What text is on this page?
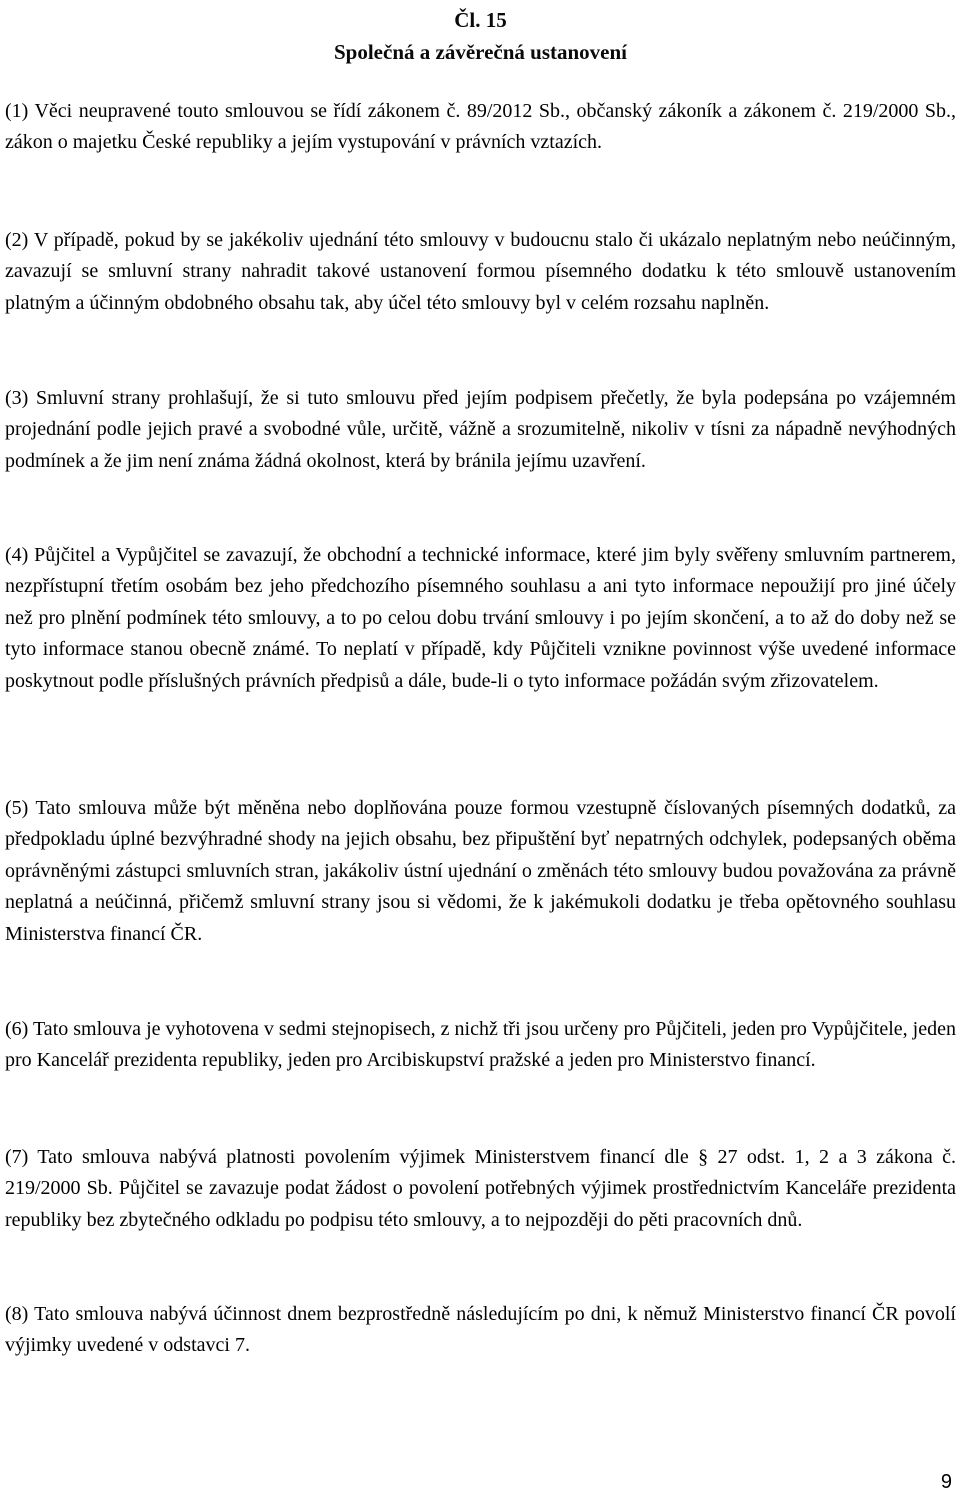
Čl. 15
Společná a závěrečná ustanovení

(1) Věci neupravené touto smlouvou se řídí zákonem č. 89/2012 Sb., občanský zákoník a zákonem č. 219/2000 Sb., zákon o majetku České republiky a jejím vystupování v právních vztazích.

(2) V případě, pokud by se jakékoliv ujednání této smlouvy v budoucnu stalo či ukázalo neplatným nebo neúčinným, zavazují se smluvní strany nahradit takové ustanovení formou písemného dodatku k této smlouvě ustanovením platným a účinným obdobného obsahu tak, aby účel této smlouvy byl v celém rozsahu naplněn.

(3) Smluvní strany prohlašují, že si tuto smlouvu před jejím podpisem přečetly, že byla podepsána po vzájemném projednání podle jejich pravé a svobodné vůle, určitě, vážně a srozumitelně, nikoliv v tísni za nápadně nevýhodných podmínek a že jim není známa žádná okolnost, která by bránila jejímu uzavření.

(4) Půjčitel a Vypůjčitel se zavazují, že obchodní a technické informace, které jim byly svěřeny smluvním partnerem, nezpřístupní třetím osobám bez jeho předchozího písemného souhlasu a ani tyto informace nepoužijí pro jiné účely než pro plnění podmínek této smlouvy, a to po celou dobu trvání smlouvy i po jejím skončení, a to až do doby než se tyto informace stanou obecně známé. To neplatí v případě, kdy Půjčiteli vznikne povinnost výše uvedené informace poskytnout podle příslušných právních předpisů a dále, bude-li o tyto informace požádán svým zřizovatelem.

(5) Tato smlouva může být měněna nebo doplňována pouze formou vzestupně číslovaných písemných dodatků, za předpokladu úplné bezvýhradné shody na jejich obsahu, bez připuštění byť nepatrných odchylek, podepsaných oběma oprávněnými zástupci smluvních stran, jakákoliv ústní ujednání o změnách této smlouvy budou považována za právně neplatná a neúčinná, přičemž smluvní strany jsou si vědomi, že k jakémukoli dodatku je třeba opětovného souhlasu Ministerstva financí ČR.

(6) Tato smlouva je vyhotovena v sedmi stejnopisech, z nichž tři jsou určeny pro Půjčiteli, jeden pro Vypůjčitele, jeden pro Kancelář prezidenta republiky, jeden pro Arcibiskupství pražské a jeden pro Ministerstvo financí.

(7) Tato smlouva nabývá platnosti povolením výjimek Ministerstvem financí dle § 27 odst. 1, 2 a 3 zákona č. 219/2000 Sb. Půjčitel se zavazuje podat žádost o povolení potřebných výjimek prostřednictvím Kanceláře prezidenta republiky bez zbytečného odkladu po podpisu této smlouvy, a to nejpozději do pěti pracovních dnů.

(8) Tato smlouva nabývá účinnost dnem bezprostředně následujícím po dni, k němuž Ministerstvo financí ČR povolí výjimky uvedené v odstavci 7.

9
